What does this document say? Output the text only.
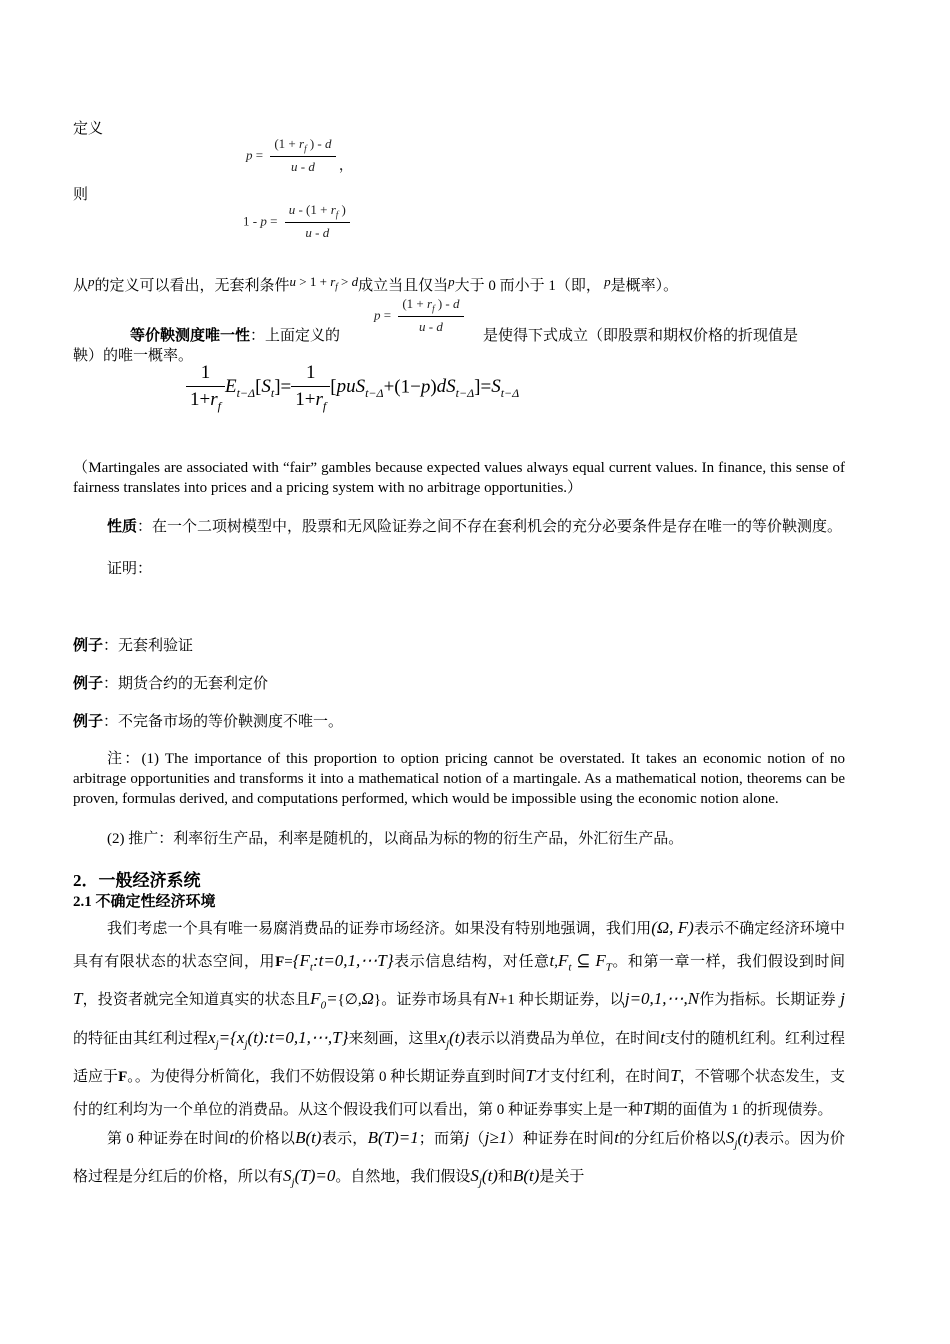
定义
$p = \frac{(1 + r_f ) - d}{u - d}$ ，
则
$1 - p = \frac{u - (1 + r_f )}{u - d}$
从p的定义可以看出，无套利条件$u > 1 + r_f > d$成立当且仅当p大于 0 而小于 1（即， p是概率）。
等价鞅测度唯一性：上面定义的
$p = \frac{(1 + r_f ) - d}{u - d}$
是使得下式成立（即股票和期权价格的折现值是
鞅）的唯一概率。
$\frac{1}{1+r_f} E_{t-\Delta}[S_t]= \frac{1}{1+r_f} [puS_{t-\Delta}+(1-p)dS_{t-\Delta}]=S_{t-\Delta}$
（Martingales are associated with “fair” gambles because expected values always equal current values. In finance, this sense of fairness translates into prices and a pricing system with no arbitrage opportunities.）
性质：在一个二项树模型中，股票和无风险证券之间不存在套利机会的充分必要条件是存在唯一的等价鞅测度。
证明：
例子：无套利验证
例子：期货合约的无套利定价
例子：不完备市场的等价鞅测度不唯一。
注：(1) The importance of this proportion to option pricing cannot be overstated. It takes an economic notion of no arbitrage opportunities and transforms it into a mathematical notion of a martingale. As a mathematical notion, theorems can be proven, formulas derived, and computations performed, which would be impossible using the economic notion alone.
(2) 推广：利率衍生产品，利率是随机的，以商品为标的物的衍生产品，外汇衍生产品。
2．一般经济系统
2.1 不确定性经济环境
我们考虑一个具有唯一易腐消费品的证券市场经济。如果没有特别地强调，我们用(Ω, F)表示不确定经济环境中具有有限状态的状态空间，用$F=\{F_t:t=0,1,\cdots T\}$表示信息结构，对任意$t,F_t$ ⊆ $F_T$。和第一章一样，我们假设到时间T，投资者就完全知道真实的状态且$F_0=\{\emptyset,\Omega\}$。证券市场具有N+1 种长期证券，以j=0,1,⋯,N作为指标。长期证券 j 的特征由其红利过程$x_j=\{x_j(t):t=0,1,\cdots,T\}$来刻画，这里$x_j(t)$表示以消费品为单位，在时间t支付的随机红利。红利过程适应于F。。为使得分析简化，我们不妨假设第 0 种长期证券直到时间T才支付红利，在时间T，不管哪个状态发生，支付的红利均为一个单位的消费品。从这个假设我们可以看出，第 0 种证券事实上是一种T期的面值为 1 的折现债券。
第 0 种证券在时间t的价格以B(t)表示，B(T)=1；而第j（j≥1）种证券在时间t的分红后价格以$S_j(t)$表示。因为价格过程是分红后的价格，所以有$S_j(T)=0$。自然地，我们假设$S_j(t)$和B(t)是关于
